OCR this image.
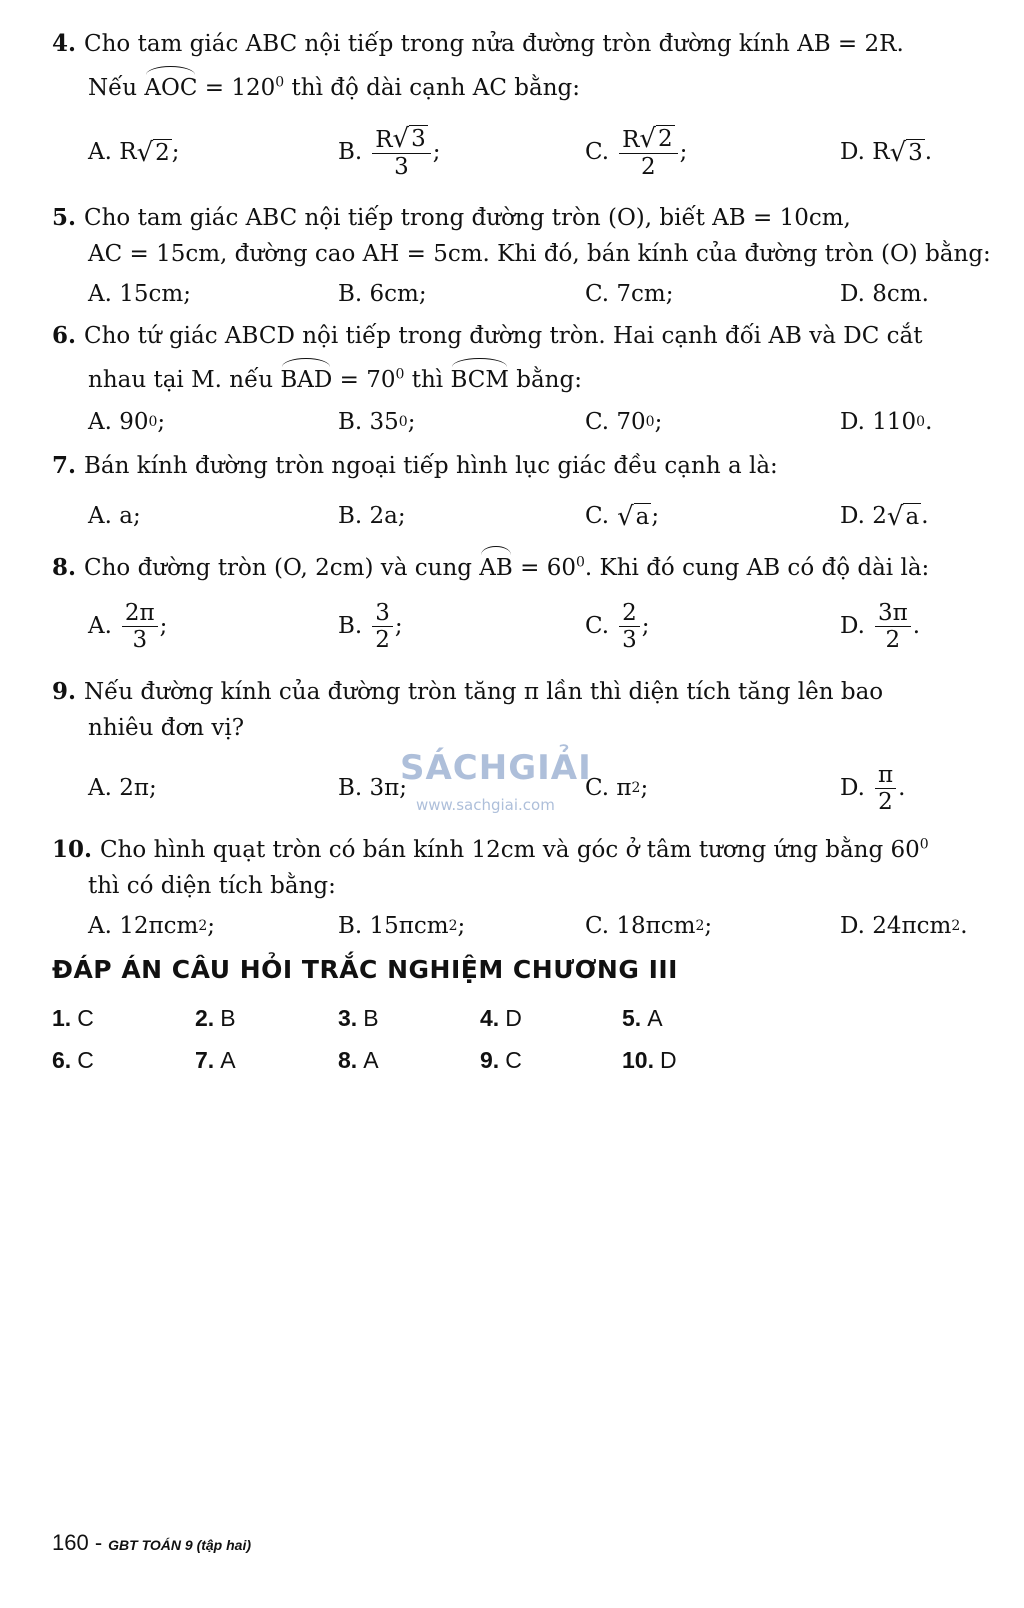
4. Cho tam giác ABC nội tiếp trong nửa đường tròn đường kính AB = 2R.
Nếu AOC = $120^0$ thì độ dài cạnh AC bằng:
A. R √ 2 ;	B. $\frac{R √ 3}{3}$ ;	C. $\frac{R √ 2}{2}$ ;	D. R √ 3 .
5. Cho tam giác ABC nội tiếp trong đường tròn (O), biết AB = 10cm,
AC = 15cm, đường cao AH = 5cm. Khi đó, bán kính của đường tròn (O) bằng:
A. 15cm;	B. 6cm;	C. 7cm;	D. 8cm.
6. Cho tứ giác ABCD nội tiếp trong đường tròn. Hai cạnh đối AB và DC cắt
nhau tại M. nếu BAD = $70^0$ thì BCM bằng:
A. 90 0 ;	B. 35 0 ;	C. 70 0 ;	D. 110 0 .
7. Bán kính đường tròn ngoại tiếp hình lục giác đều cạnh a là:
A. a;	B. 2a;	C. √ a ;	D. 2 √ a .
8. Cho đường tròn (O, 2cm) và cung AB = $60^0$. Khi đó cung AB có độ dài là:
A. $\frac{2\pi}{3}$ ;	B. $\frac{3}{2}$ ;	C. $\frac{2}{3}$ ;	D. $\frac{3\pi}{2}$ .
9. Nếu đường kính của đường tròn tăng π lần thì diện tích tăng lên bao
nhiêu đơn vị?
A. 2π;	B. 3π;	C. π 2 ;	D. $\frac{\pi}{2}$ .
SÁCHGIẢI
www.sachgiai.com
10. Cho hình quạt tròn có bán kính 12cm và góc ở tâm tương ứng bằng $60^0$
thì có diện tích bằng:
A. 12πcm 2 ;	B. 15πcm 2 ;	C. 18πcm 2 ;	D. 24πcm 2 .
ĐÁP ÁN CÂU HỎI TRẮC NGHIỆM CHƯƠNG III
1. C	2. B	3. B	4. D	5. A
6. C	7. A	8. A	9. C	10. D
160 - GBT TOÁN 9 (tập hai)
